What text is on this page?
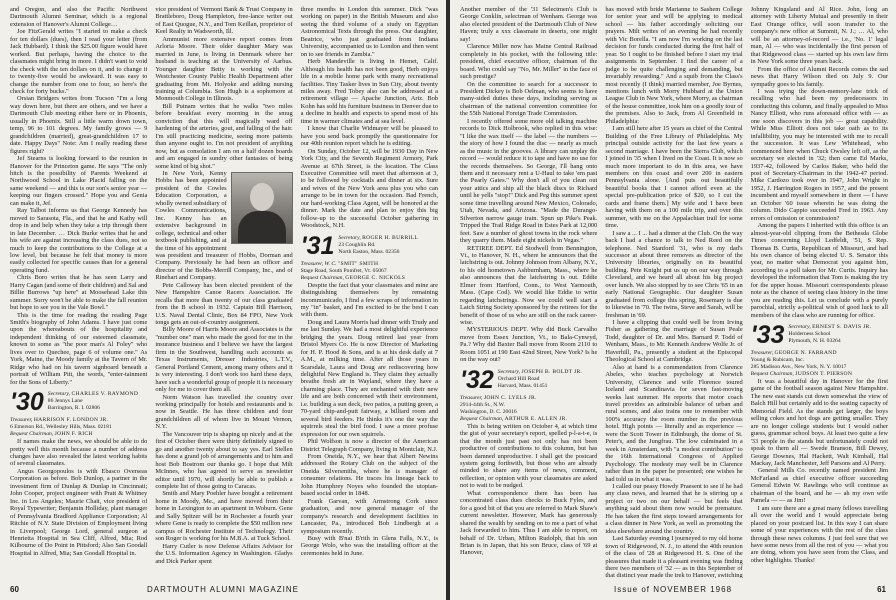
and Oregon, and also the Pacific Northwest Dartmouth Alumni Seminar, which is a regional extension of Hanover's Alumni College…

Joe FitzGerald writes "I started to make a check for ten dollars (dues), then I read your letter (from Jack Hubbard). I think the $25.00 figure would have worked. But perhaps, having the choice to the classmates might bring in more. I didn't want to void the check with the ten dollars on it, and to change it to twenty-five would be awkward. It was easy to change the number from one to four, so here's the check for forty bucks."

Orsian Bridgers writes from Tucson "I'm a long way down here, but there are others, and we have a Dartmouth Club meeting either here or in Phoenix, usually in Phoenix. Still a little warm down town, temp, 96 to 101 degrees. My family grows — 9 grandchildren (married), great-grandchildren 17 to date. Happy Days" Note: Am I really reading these figures right?

Jef Stearns is looking forward to the reunion in Hanover for the Princeton game. He says "The only hitch is the possibility of Parents Weekend at Northwood School in Lake Placid falling on the same weekend — and this is our son's senior year — keeping our fingers crossed." Hope you and Genia can make it, Jef.

Ray Talbot informs us that George Kennedy has moved to Sarasota, Fla., and that he and Kathy will drop in and help when they take a trip through there in late December. … Dick Burke writes that he and his wife are against increasing the class dues, not so much to keep the contributions to the College at a low level, but because he felt that money is more easily collected for specific causes than for a general operating fund.

Chris Boro writes that he has seen Larry and Harry Cagan (and some of their children) and Sal and Billie Burrows "up here" at Moosehead Lake this summer. Sorry won't be able to make the fall reunion but hope to see you in the Vale Bowl."

This is the time for reading the reading Page Smith's biography of John Adams. I have just come upon the whereabouts of the hospitality and independent thinking of our esteemed classmate, known to some as "the poor man's Al Foley" who lives over to Quechee, page 6 of volume one." As York, Maine, the Moody family at the Tavern of Mr. Ridge who had on his tavern signboard beneath a portrait of William Pitt, the words, "enter-tainment for the Sons of Liberty."

'30 Secretary, CHARLES V. RAYMOND
86 Jennys Lane
Barrington, R. I. 02806
Treasurer, HARRISON F. LONDON JR.
6 Emerson Rd., Wellesley Hills, Mass. 02181
Bequest Chairman, JOHN F. RICH

If names make the news, we should be able to do pretty well this month because a number of address changes have also revealed the latest working habits of several classmates.

Angus Georgopoulos is with Ebasco Overseas Corporation as before. Bob Dunlop, a partner in the investment firm of Dunlap & Dunlap in Cincinnati; John Cooper, project engineer with Pratt & Whitney Inc. in Los Angeles; Maurie Chait, vice president of Royal Typewriter; Benjamin Holliday, plant manager of Pennsylvania Bradford Appliance Corporation; Al Ritchie of N.Y. State Division of Employment living in Liverpool; George Lord, general surgeon at Henrietta Hospital in Sea Cliff, Alfred, Mia; Rod Kilbourne of Do Point in Pittsford; Also San Goodall Hospital in Alfred, Mia; San Goodall Hospital in.

vice president of Vermont Bank & Trust Company in Brattleboro, Doug Hampleton, free-lance writer out of East Quogue, N.Y., and Tom Keillan, proprietor of Keel Realty in Wadsworth, Ill.

Ammunist more extensive report comes from Arloria Moore. Their older daughter Mary was married in June, is living in Denmark where her husband is teaching at the University of Aarhus. Younger daughter Betty is working with the Westchester County Public Health Department after graduating from Mt. Holyoke and adding nursing training at Columbia. Son Hugh is a sophomore at Monmouth College in Illinois.

Bill Putnam writes that he walks "two miles before breakfast every morning in the smug conviction that this will magically ward off hardening of the arteries, gout, and falling of the hair. I'm still practicing medicine, seeing more patients than anyone ought to. I'm not president of anything now, but as consolation I am on a half dozen boards and am engaged in sundry other fantasies of being some kind of big shot."

In New York, Kenny Hobbs has been appointed president of the Cowles Education Corporation, a wholly owned subsidiary of Cowles Communications, Inc. Kenny has an extensive background in college, technical and other textbook publishing, and at the time of his appointment was president and treasurer of Hobbs, Dorman and Company. Previously he had been an officer and director of the Bobbs-Merrill Company, Inc., and of Rinehart and Company.

Pete Calloway has been elected president of the New Hampshire Canoe Racers Association. He recalls that more than twenty of our class graduated from the B school in 1932. Captain Bill Harrison, U.S. Naval Dental Clinic, Box 84 FPO, New York tongs gets an out-of-country assignment.

Billy Moore of Harris Moore and Associates is the "number one" man who made the good for me in the insurance business and I believe we have the largest firm in the Southwest, handling such accounts as Texas Instruments, Dresser Industries, L.T.V., General Portland Cement, among many others and it is very interesting. I don't work too hard these days, have such a wonderful group of people it is necessary only for me to cover them all.

Norm Watson has travelled the country over working principally for hotels and restaurants and is now in Seattle. He has three children and four grandchildren all of whom live in Mount Vernon, N.Y.

The Vancouver trip is shaping up nicely and at the first of October there were thirty definitely signed to go and another twenty about to say yes. Earl Stellen has done a grand job of arrangements and to him and host Bob Bostrom our thanks go. I hope that Milt McInnes, who has agreed to serve as newsletter editor until 1970, will shortly be able to publish a complete list of those going to Caracas.

Smith and Mary Poehler have bought a retirement home in Moody, Me., and have moved from their home in Lexington to an apartment in Woburn. Gene and Sally Spitzer will be in Rochester a fourth year where Gene is ready to complete the $50 million new campus of Rochester Institute of Technology. Their son Roger is working for his M.B.A. at Tuck School.

Harry Cutler is now Defense Affairs Advisor for the U.S. Information Agency in Washington. Gladys and Dick Parker spent

three months in London this summer. Dick "was working on paper) in the British Museum and also seeing the third volume of a study on Egyptian Astronomical Texts through the press. Our daughter, Beatrice, who just graduated from Indiana University, accompanied us to London and then went on to see friends in Zambia."

Herb Mandeville is living in Hemet, Calif. Although his health has not been good, Herb enjoys life in a mobile home park with many recreational facilities. Tiny Tasker lives in Sun City, about twenty miles away. Fred Tobey also can be addressed at a retirement village — Apache Junction, Ariz. Bob Kohn has sold his furniture business in Denver due to a decline in health and expects to spend most of his time in warmer climates and at sea level.

I know that Charlie Widmayer will be pleased to have you send back promptly the questionnaire for our 40th reunion report which he is editing.

On Sunday, October 12, will be 1930 Day in New York City, and the Seventh Regiment Armory, Park Avenue at 67th Street, is the location. The Class Executive Committee will meet that afternoon at 3, to be followed by cocktails and dinner at six. Sure and wives of the New York area plus you who can arrange to be in town for the occasion. Bad French, our hard-working Class Agent, will be honored at the dinner. Mark the date and plan to enjoy this big follow-up to the successful October gathering in Woodstock, N.H.

'31 Secretary, ROGER H. BURRILL
23 Coughlin Rd.
North Easton, Mass. 02356
Treasurer, W. C. "SMIT" SMITH
Stage Road, South Pomfret, Vt. 05067
Bequest Chairman, GEORGE C. NICKOLS

Despite the fact that your classmates and mine are distinguishing themselves by remaining incommunicado, I find a few scraps of information in my "in" basket, and I'm excited to be the best I can with them.

Doug and Laura Morris had dinner with Trudy and me last Sunday. We had a most delightful experience bridging the years. Doug retired last year from Bristol Myers Co. He is now Director of Marketing for H. P. Hood & Sons, and is at his desk daily at 7 A.M., at milking time. After all those years in Scarsdale, Laura and Doug are rediscovering how delightful New England is. They claim they actually breathe fresh air in Wayland, where they have a charming place. They are enchanted with their new life and are both concerned with their environment, i.e. building a sun deck, two patios, a putting green, a 70-yard chip-and-putt fairway, a billiard room and several bird feeders. He thinks it's one the way the squirrels steal the bird food. I saw a more profuse expression for our own squirrels.

Phil Wolfson is now a director of the American District Telegraph Company, living in Montclair, N.J.

From Oneida, N.Y., we hear that Albert Newins addressed the Rotary Club on the subject of the Oneida Silversmiths, where he is manager of consumer relations. He traces his lineage back to John Humphrey Noyes who founded the utopian-based social order in 1848.

Frank Garvan, with Armstrong Cork since graduation, and now general manager of the company's research and development facilities in Lancaster, Pa., introduced Bob Lindbergh at a symposium recently.

Busy with B'nai B'rith in Glens Falls, N.Y., is George Wolo, who was the installing officer at the ceremonies held in June.

60	DARTMOUTH ALUMNI MAGAZINE

Another member of the '31 Selectmen's Club is George Conklin, selectman of Wenham. George was also elected president of the Dartmouth Club of New Haven; truly a xxx classmate in deserts, one might say!

Clarence Miller now has Maine Central Railroad completely in his pocket, with the following title: president, chief executive officer, chairman of the board. Who could say "No, Mr. Miller" in the face of such prestige?

On the committee to search for a successor to President Dickey is Bob Oelman, who seems to have many-sided duties these days, including serving as chairman of the national convention committee for the 55th National Foreign Trade Commission.

I recently offered some more old talking machine records to Dick Holbrook, who replied in this wise: "I like the wax itself — the label — the numbers — the story of how I found the disc — nearly as much as the music in the grooves. A library can unplay the record — would reduce it to tape and have no use for the records themselves. So George, I'll hang onto them and it necessary rent a U-Haul to take 'em past the Pearly Gates." Why don't all of you clean out your attics and ship all the black discs to Richard until he yells "stop!" Dick and Peg this summer spent some time travelling around New Mexico, Colorado, Utah, Nevada, and Arizona. "Made the Durango-Silverton narrow gauge train. Spun up Pike's Peak. Tripped the Trail Ridge Road in Estes Park at 12,000 feet. Saw a number of ghost towns in the rock where they quarry them. Made eight nickels in Vegas."

RETIREE DEPT. Ed Stodwell from Bennington, Vt., to Hanover, N. H., where he announces that the latchstring is out. Johnny Johnson from Albany, N.Y., to his old hometown Ashburnham, Mass., where he also announces that the latchstring is out. Eddie Elmer from Hartford, Conn., to West Yarmouth, Mass. (Cape Cod). We would like Eddie to write regarding latchstrings. Now we could well start a Latch String Society sponsored by the retirees for the benefit of those of us who are still on the rack career-wise.

MYSTERIOUS DEPT. Why did Buck Carvalho move from Essex Junction, Vt., to Bala-Cynwyd, Pa.? Why did Baxter Ball move from Room 2110 to Room 1051 at 190 East 42nd Street, New York? Is he on the way out?

'32 Secretary, JOSEPH B. BOLDT JR.
Orchard Hill Road
Harvard, Mass. 01451
Treasurer, JOHN C. LYELS JR.
2914-44th St., N.W.
Washington, D. C. 20016
Bequest Chairman, ARTHUR E. ALLEN JR.

This is being written on October 4, at which time the gist of your secretary's report, spelled p-l-a-t-e, is that the month just past not only has not been productive of contributions to this column, but has been damned unproductive. I shall get the postcard system going forthwith, but those who are already minded to share any items of news, comment, reflection, or opinion with your classmates are asked not to wait to be nudged.

What correspondence there has been has concentrated class dues checks to Buck Fyles, and for a good bit of that you are referred to Mark Shaw's current newsletter. However, Mark has generously shared the wealth by sending on to me a part of what Jack forwarded to him. Thus I am able to report, on behalf of Dr. Urban, Milton Rudolph, that his son Brian is in Japan, that his son Bruce, class of '69 at Hanover,

has moved with bride Marianne to Sashem College for senior year and will be applying to medical school — his father accordingly soliciting our prayers. Milt writes of an evening he had recently with Vic Borella. "I am now I'm working on the last decision for funds conducted during the first half of year. So I ought to be finished before I start my trial assignments in September. I find the career of a judge to be quite challenging and demanding, but invariably rewarding." And a squib from the Class's most recently (I think) married member, Joe Byrnes, mentions lunch with Morry Hubbard at the Union League Club in New York, where Morry, as chairman of the house committee, took him on a goodly tour of the premises. Also to Jack, from Al Greenfield in Philadelphia:

I am still here after 15 years as chief of the Central Building of the Free Library of Philadelphia. My principal outside activity for the last few years a second marriage. I have been the Sierra Club, which I joined in '35 when I lived on the Coast. It is now so much more important to do in this area, we have members on this coast and over 200 in eastern Pennsylvania alone. [And puts out beautifully beautiful books that I cannot afford even at the special pre-publication price of $20, so I cut the cards and frame them.] My wife and I have been having with them on a 100 mile trip, and over this summer, with me on the Appalachian trail for some time.

I saw a ... I ... had a dinner at the Club. On the way back I had a chance to talk to Ned Reed on the telephone. Ned Stanford '31, who is my dad's successor at about three removes as director of the University libraries, originally on its beautiful building. Pete Knight put us up on our way through Cleveland, and we heard all about his big project over lunch. We also stopped by to see Chris '65 in an early National Geographic. Our daughter Susan graduated from college this spring, Rosemary is due to likewise in '70. The twins, Steve and Sarah, will be freshman in '69.

I have a clipping that could well be from Irving Fisher as gathering the marriage of Susan Peale Todd, daughter of Dr. and Mrs. Barnard P. Todd of Wenham, Mass., to Mr. Kenneth Andrew Wolfe Jr. of Haverhill, Pa., presently a student at the Episcopal Theological School at Cambridge.

Also at hand is a commendation from Clarence Abeles, who teaches psychology at Norwich University, Clarence and wife Florence toured Iceland and Scandinavia for seven fast-moving weeks last summer. He reports that motor coach travel provides an admirable balance of urban and rural scenes, and also trains one to remember with 100% accuracy the room number in the previous hotel. High points — literally and as experience — were the Scott Tower in Edinburgh, the dome of St. Peter's, and the Jungfrau. The low culminated in a week in Amsterdam, with "a modest contribution" to the 16th International Congress of Applied Psychology. The modesty may well be in Clarence rather than in the paper he presented; one wishes he had told us in what it was.

I called our peasy Howdy Praesent to see if he had any class news, and learned that he is stirring up a project or two on our behalf — but feels that anything said about them now would be premature. He has taken the first steps toward arrangements for a class dinner in New York, as well as promoting the idea elsewhere around the country.

Last Saturday evening I journeyed to my old home town of Ridgewood, N. J., to attend the 40th reunion of the class of '28 at Ridgewood H. S. One of the pleasures that made it a pleasant evening was finding there two members of '32 — as in this September of that distinct year made the trek to Hanover, switching

Johnny Kingsland and Al Rice. John, long an attorney with Liberty Mutual and presently in their East Orange office, will soon transfer to the company's new office at Summit, N. J.; … Al, who will be an attorney-of-record — i.e., 'No. 1' legal man, Al — who was incidentally the first person of that Ridgewood class — started up his own law firm in New York some three years back.

From the office of Alumni Records comes the sad news that Harry Wilson died on July 9. Our sympathy goes to his family.

I was trying the down-memory-lane trick of recalling who had been my predecessors in conducting this column, and finally appealed to Miss Nancy Elliott, who runs aforesaid office with — as one soon discovers in this job — great capability. While Miss Elliott does not take oath as to its infallibility, you may be interested with me to recall the succession. It was Lew Whitehead, who commenced here when Chuck Owsley left off, as the secretary we elected in '32; then came Ed Marks, 1937-42, followed by Carlos Baker, who held the post of Secretary-Chairman in the 1942-47 period. Mike Cardozo took over in 1947, John Wright in 1952, J. Harrington Rogers in 1957, and the present incumbent and myself somewhere in there — I have an October '60 issue wherein he was doing the column. Dido Cappio succeeded Fred in 1963. Any errors of omission or commission?

Among the papers I inherited with this office is an almost-year-old clipping from the Bethesda Globe Times concerning Lloyd Ledfeldt, '51, S Rep. Thomas B. Curtis, Republican of Missouri, and had his own chance of being elected U. S. Senator this year, no matter what Democrat you against him, according to a poll taken for Mr. Curtis. Inquiry has developed the information that Tom is making the try for the upper house. Missouri correspondents please note as the chance of seeing class history in the time you are reading this. Let us conclude with a purely parochial, strictly a-political wish of good luck to all members of the class who are running for office.

'33 Secretary, ERNEST S. DAVIS JR.
Holderness School
Plymouth, N. H. 03264
Treasurer, GEORGE N. FARRAND
Young & Rubicam, Inc.
285 Madison Ave., New York, N. Y. 10017
Bequest Chairman, JUDSON T. PIERSON

It was a beautiful day in Hanover for the first game of the football season against New Hampshire. The new east stands cut down somewhat the view of Balch Hill but certainly add to the seating capacity of Memorial Field. As the stands get larger, the boys selling cokes and hot dogs are getting smaller. They are no longer college students but I would rather guess, grammar school boys. At least two quite a few '33 people in the stands but unfortunately could not speak to them all — Swede Branson, Bill Dewey, George Downes, Hal Hackett, Walt Kimball, Hal Mackay, Jack Manchester, Jeff Parsons and Al Perry.

General Mills Co. recently named president Jim McFarland as chief executive officer succeeding General Edwin W. Rawlings who will continue as chairman of the board, and he — ah my own wife Pamela — — as Jim!

I am sure there are a great many fellows travelling all over the world and I would appreciate being placed on your postcard list. In this way I can share some of your experiences with the rest of the class through these news columns. I just feel sure that we have some news from all the rest of you — what you are doing, whom you have seen from the Class, and other highlights. Thanks!

Issue of NOVEMBER 1968	61
